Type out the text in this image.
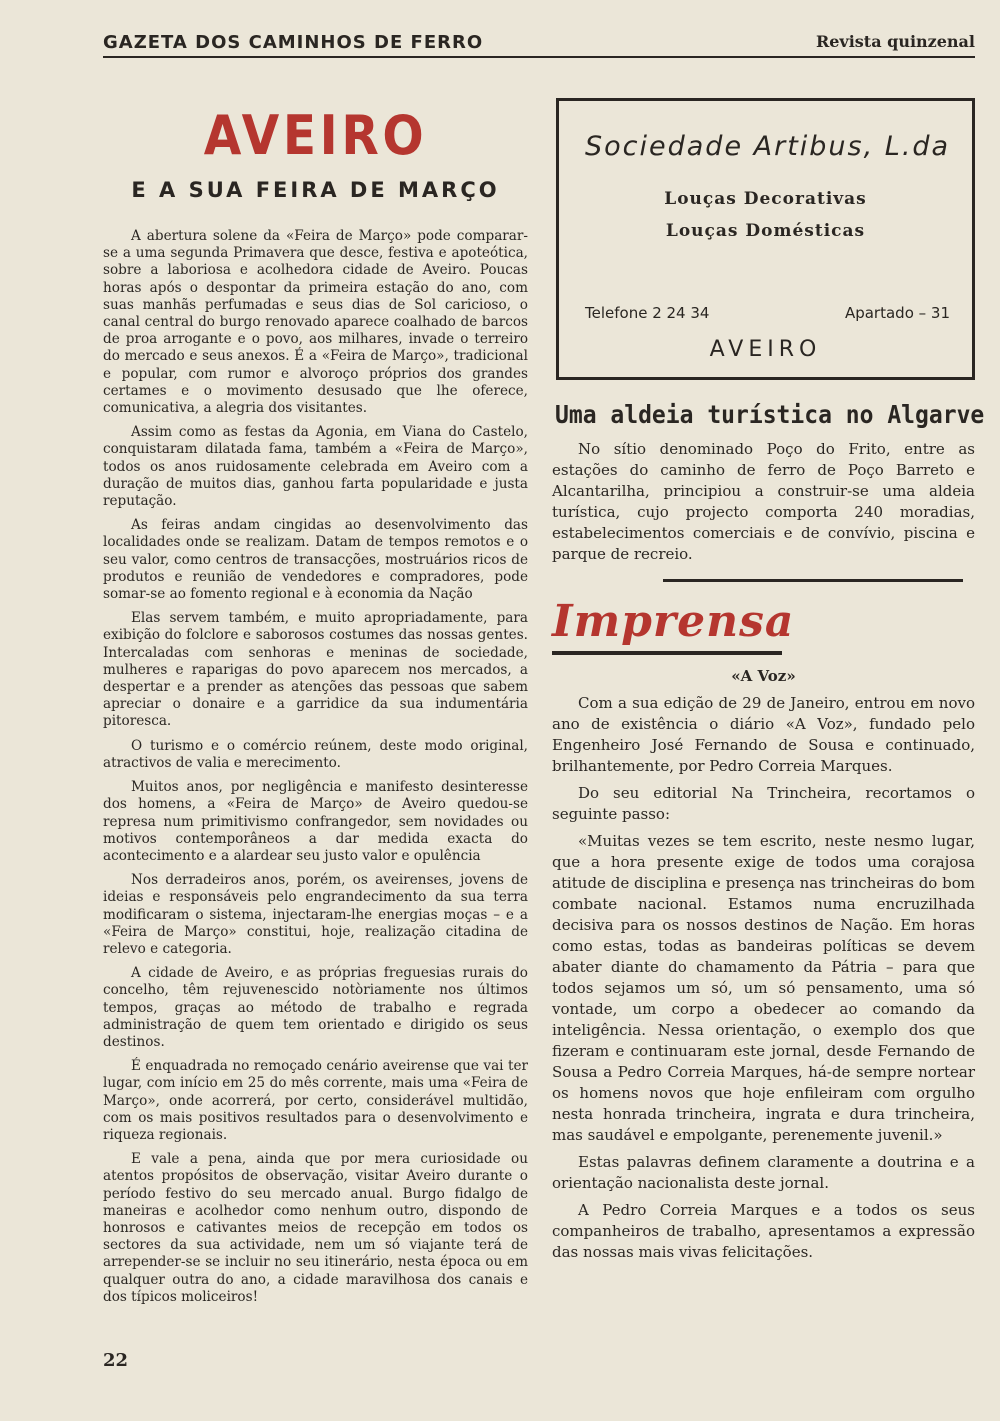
GAZETA DOS CAMINHOS DE FERRO	Revista quinzenal
AVEIRO
E A SUA FEIRA DE MARÇO

A abertura solene da «Feira de Março» pode comparar-se a uma segunda Primavera que desce, festiva e apoteótica, sobre a laboriosa e acolhedora cidade de Aveiro. Poucas horas após o despontar da primeira estação do ano, com suas manhãs perfumadas e seus dias de Sol caricioso, o canal central do burgo renovado aparece coalhado de barcos de proa arrogante e o povo, aos milhares, invade o terreiro do mercado e seus anexos. É a «Feira de Março», tradicional e popular, com rumor e alvoroço próprios dos grandes certames e o movimento desusado que lhe oferece, comunicativa, a alegria dos visitantes.

Assim como as festas da Agonia, em Viana do Castelo, conquistaram dilatada fama, também a «Feira de Março», todos os anos ruidosamente celebrada em Aveiro com a duração de muitos dias, ganhou farta popularidade e justa reputação.

As feiras andam cingidas ao desenvolvimento das localidades onde se realizam. Datam de tempos remotos e o seu valor, como centros de transacções, mostruários ricos de produtos e reunião de vendedores e compradores, pode somar-se ao fomento regional e à economia da Nação

Elas servem também, e muito apropriadamente, para exibição do folclore e saborosos costumes das nossas gentes. Intercaladas com senhoras e meninas de sociedade, mulheres e raparigas do povo aparecem nos mercados, a despertar e a prender as atenções das pessoas que sabem apreciar o donaire e a garridice da sua indumentária pitoresca.

O turismo e o comércio reúnem, deste modo original, atractivos de valia e merecimento.

Muitos anos, por negligência e manifesto desinteresse dos homens, a «Feira de Março» de Aveiro quedou-se represa num primitivismo confrangedor, sem novidades ou motivos contemporâneos a dar medida exacta do acontecimento e a alardear seu justo valor e opulência

Nos derradeiros anos, porém, os aveirenses, jovens de ideias e responsáveis pelo engrandecimento da sua terra modificaram o sistema, injectaram-lhe energias moças – e a «Feira de Março» constitui, hoje, realização citadina de relevo e categoria.

A cidade de Aveiro, e as próprias freguesias rurais do concelho, têm rejuvenescido notòriamente nos últimos tempos, graças ao método de trabalho e regrada administração de quem tem orientado e dirigido os seus destinos.

É enquadrada no remoçado cenário aveirense que vai ter lugar, com início em 25 do mês corrente, mais uma «Feira de Março», onde acorrerá, por certo, considerável multidão, com os mais positivos resultados para o desenvolvimento e riqueza regionais.

E vale a pena, ainda que por mera curiosidade ou atentos propósitos de observação, visitar Aveiro durante o período festivo do seu mercado anual. Burgo fidalgo de maneiras e acolhedor como nenhum outro, dispondo de honrosos e cativantes meios de recepção em todos os sectores da sua actividade, nem um só viajante terá de arrepender-se se incluir no seu itinerário, nesta época ou em qualquer outra do ano, a cidade maravilhosa dos canais e dos típicos moliceiros!

Sociedade Artibus, L.da
Louças Decorativas
Louças Domésticas
Telefone 2 24 34	Apartado – 31
AVEIRO
Uma aldeia turística no Algarve

No sítio denominado Poço do Frito, entre as estações do caminho de ferro de Poço Barreto e Alcantarilha, principiou a construir-se uma aldeia turística, cujo projecto comporta 240 moradias, estabelecimentos comerciais e de convívio, piscina e parque de recreio.

Imprensa
«A Voz»

Com a sua edição de 29 de Janeiro, entrou em novo ano de existência o diário «A Voz», fundado pelo Engenheiro José Fernando de Sousa e continuado, brilhantemente, por Pedro Correia Marques.

Do seu editorial Na Trincheira, recortamos o seguinte passo:

«Muitas vezes se tem escrito, neste nesmo lugar, que a hora presente exige de todos uma corajosa atitude de disciplina e presença nas trincheiras do bom combate nacional. Estamos numa encruzilhada decisiva para os nossos destinos de Nação. Em horas como estas, todas as bandeiras políticas se devem abater diante do chamamento da Pátria – para que todos sejamos um só, um só pensamento, uma só vontade, um corpo a obedecer ao comando da inteligência. Nessa orientação, o exemplo dos que fizeram e continuaram este jornal, desde Fernando de Sousa a Pedro Correia Marques, há-de sempre nortear os homens novos que hoje enfileiram com orgulho nesta honrada trincheira, ingrata e dura trincheira, mas saudável e empolgante, perenemente juvenil.»

Estas palavras definem claramente a doutrina e a orientação nacionalista deste jornal.

A Pedro Correia Marques e a todos os seus companheiros de trabalho, apresentamos a expressão das nossas mais vivas felicitações.

22
